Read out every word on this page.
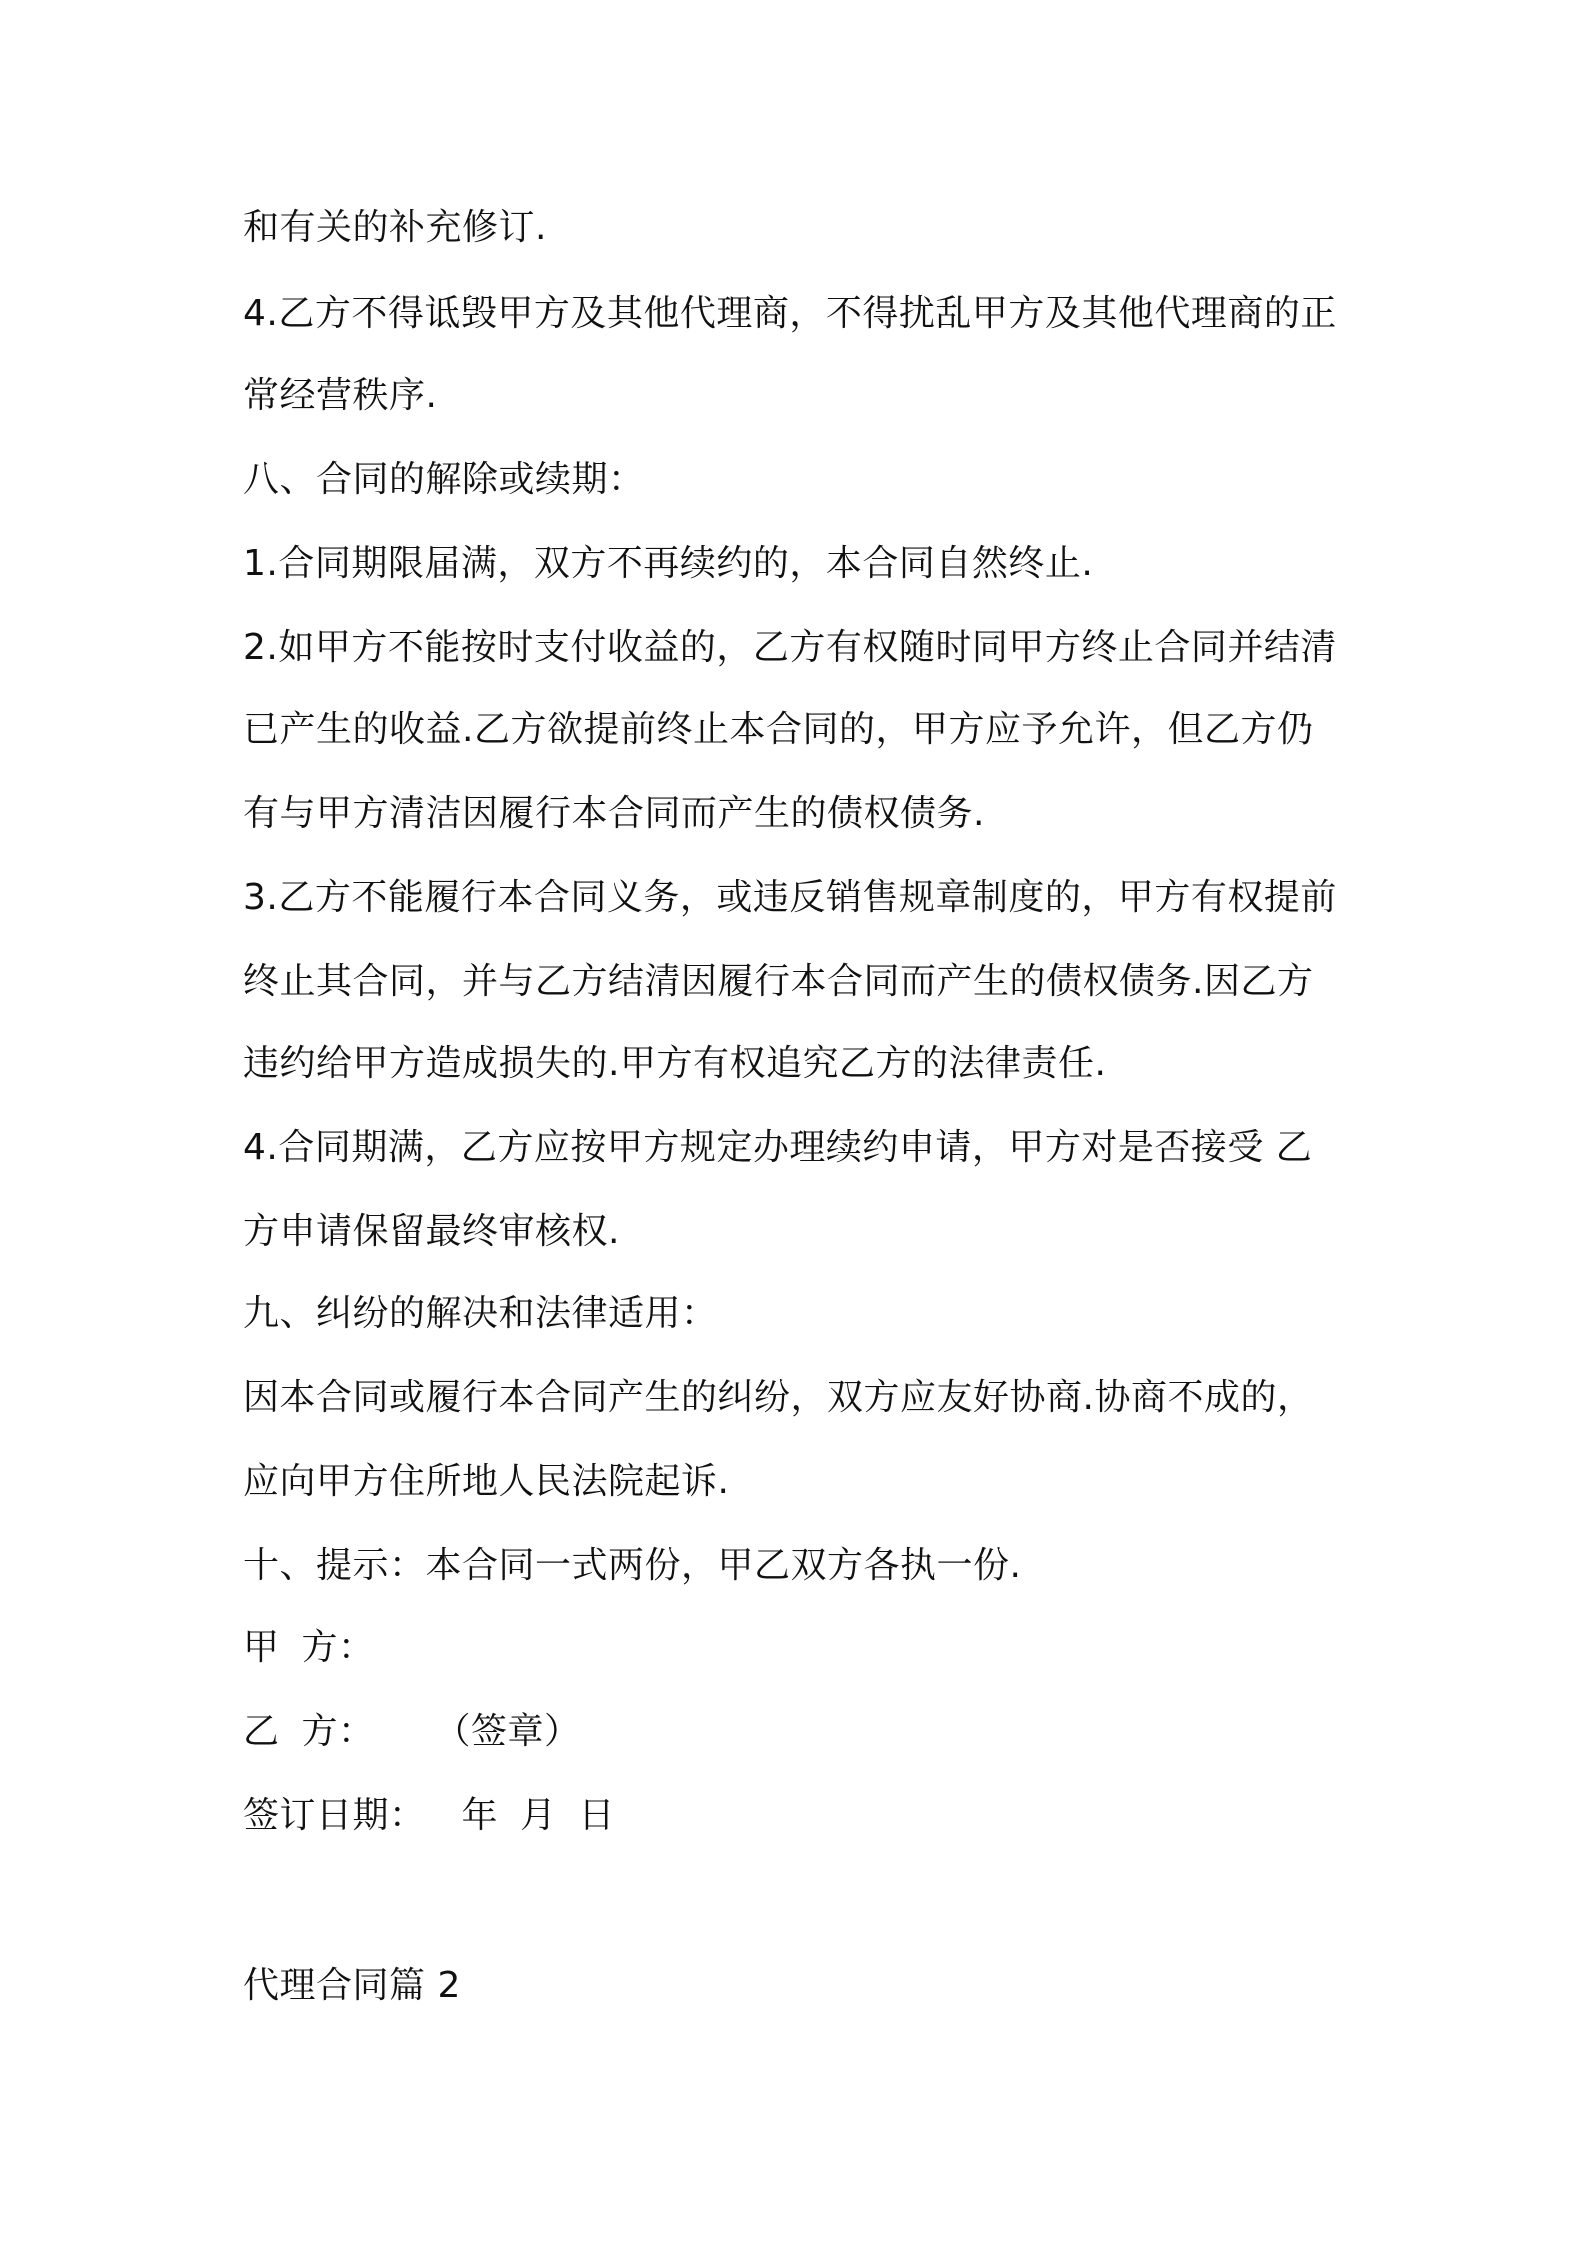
和有关的补充修订.
4.乙方不得诋毁甲方及其他代理商，不得扰乱甲方及其他代理商的正
常经营秩序.
八、合同的解除或续期：
1.合同期限届满，双方不再续约的，本合同自然终止.
2.如甲方不能按时支付收益的，乙方有权随时同甲方终止合同并结清
已产生的收益.乙方欲提前终止本合同的，甲方应予允许，但乙方仍
有与甲方清洁因履行本合同而产生的债权债务.
3.乙方不能履行本合同义务，或违反销售规章制度的，甲方有权提前
终止其合同，并与乙方结清因履行本合同而产生的债权债务.因乙方
违约给甲方造成损失的.甲方有权追究乙方的法律责任.
4.合同期满，乙方应按甲方规定办理续约申请，甲方对是否接受 乙
方申请保留最终审核权.
九、纠纷的解决和法律适用：
因本合同或履行本合同产生的纠纷，双方应友好协商.协商不成的，
应向甲方住所地人民法院起诉.
十、提示：本合同一式两份，甲乙双方各执一份.
甲 方：
乙 方： （签章）
签订日期： 年 月 日
代理合同篇 2
